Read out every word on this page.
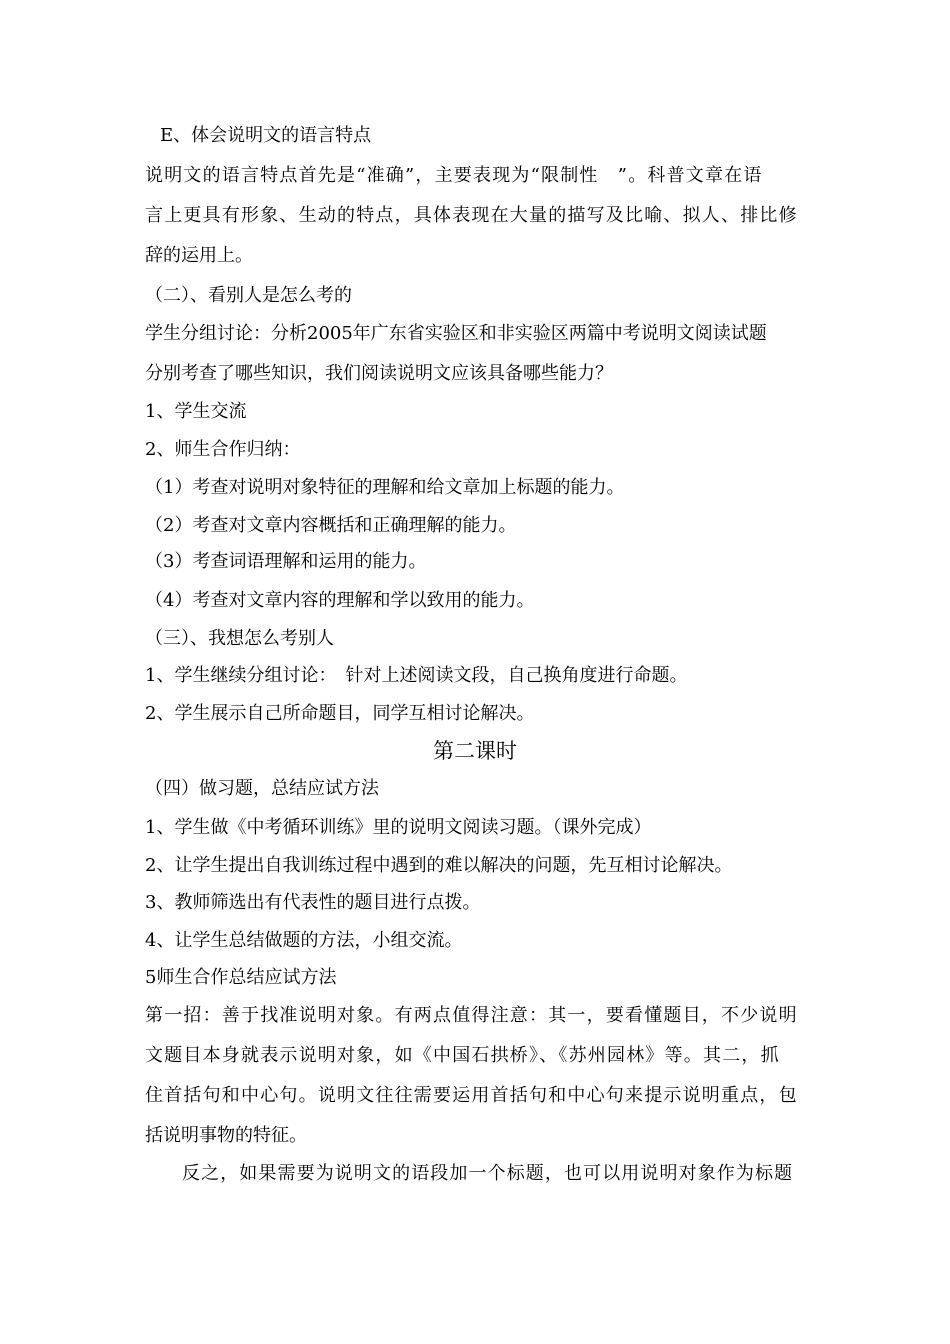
E、体会说明文的语言特点
说明文的语言特点首先是“准确”，主要表现为“限制性　”。科普文章在语
言上更具有形象、生动的特点，具体表现在大量的描写及比喻、拟人、排比修
辞的运用上。
（二）、看别人是怎么考的
学生分组讨论：分析2005年广东省实验区和非实验区两篇中考说明文阅读试题
分别考查了哪些知识，我们阅读说明文应该具备哪些能力？
1、学生交流
2、师生合作归纳：
（1）考查对说明对象特征的理解和给文章加上标题的能力。
（2）考查对文章内容概括和正确理解的能力。
（3）考查词语理解和运用的能力。
（4）考查对文章内容的理解和学以致用的能力。
（三）、我想怎么考别人
1、学生继续分组讨论：　针对上述阅读文段，自己换角度进行命题。
2、学生展示自己所命题目，同学互相讨论解决。
第二课时
（四）做习题，总结应试方法
1、学生做《中考循环训练》里的说明文阅读习题。（课外完成）
2、让学生提出自我训练过程中遇到的难以解决的问题，先互相讨论解决。
3、教师筛选出有代表性的题目进行点拨。
4、让学生总结做题的方法，小组交流。
5师生合作总结应试方法
第一招：善于找准说明对象。有两点值得注意：其一，要看懂题目，不少说明
文题目本身就表示说明对象，如《中国石拱桥》、《苏州园林》等。其二，抓
住首括句和中心句。说明文往往需要运用首括句和中心句来提示说明重点，包
括说明事物的特征。
反之，如果需要为说明文的语段加一个标题，也可以用说明对象作为标题
